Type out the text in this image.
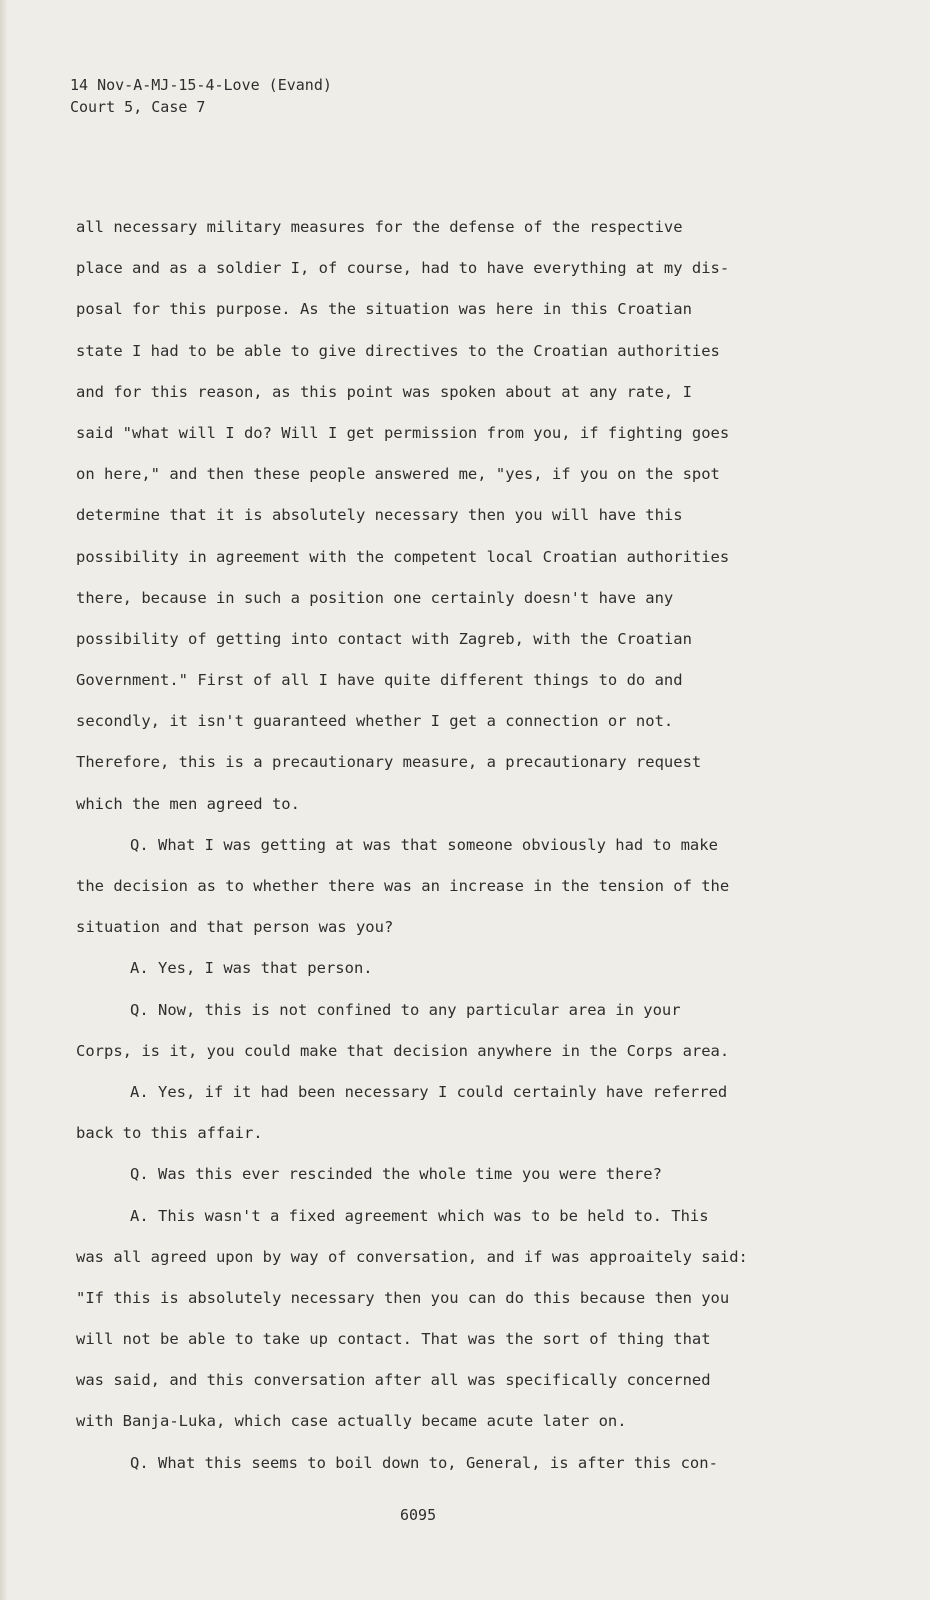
14 Nov-A-MJ-15-4-Love (Evand)
Court 5, Case 7
all necessary military measures for the defense of the respective
place and as a soldier I, of course, had to have everything at my dis-
posal for this purpose. As the situation was here in this Croatian
state I had to be able to give directives to the Croatian authorities
and for this reason, as this point was spoken about at any rate, I
said "what will I do? Will I get permission from you, if fighting goes
on here," and then these people answered me, "yes, if you on the spot
determine that it is absolutely necessary then you will have this
possibility in agreement with the competent local Croatian authorities
there, because in such a position one certainly doesn't have any
possibility of getting into contact with Zagreb, with the Croatian
Government." First of all I have quite different things to do and
secondly, it isn't guaranteed whether I get a connection or not.
Therefore, this is a precautionary measure, a precautionary request
which the men agreed to.
Q. What I was getting at was that someone obviously had to make
the decision as to whether there was an increase in the tension of the
situation and that person was you?
A. Yes, I was that person.
Q. Now, this is not confined to any particular area in your
Corps, is it, you could make that decision anywhere in the Corps area.
A. Yes, if it had been necessary I could certainly have referred
back to this affair.
Q. Was this ever rescinded the whole time you were there?
A. This wasn't a fixed agreement which was to be held to. This
was all agreed upon by way of conversation, and if was approaitely said:
"If this is absolutely necessary then you can do this because then you
will not be able to take up contact. That was the sort of thing that
was said, and this conversation after all was specifically concerned
with Banja-Luka, which case actually became acute later on.
Q. What this seems to boil down to, General, is after this con-
6095
